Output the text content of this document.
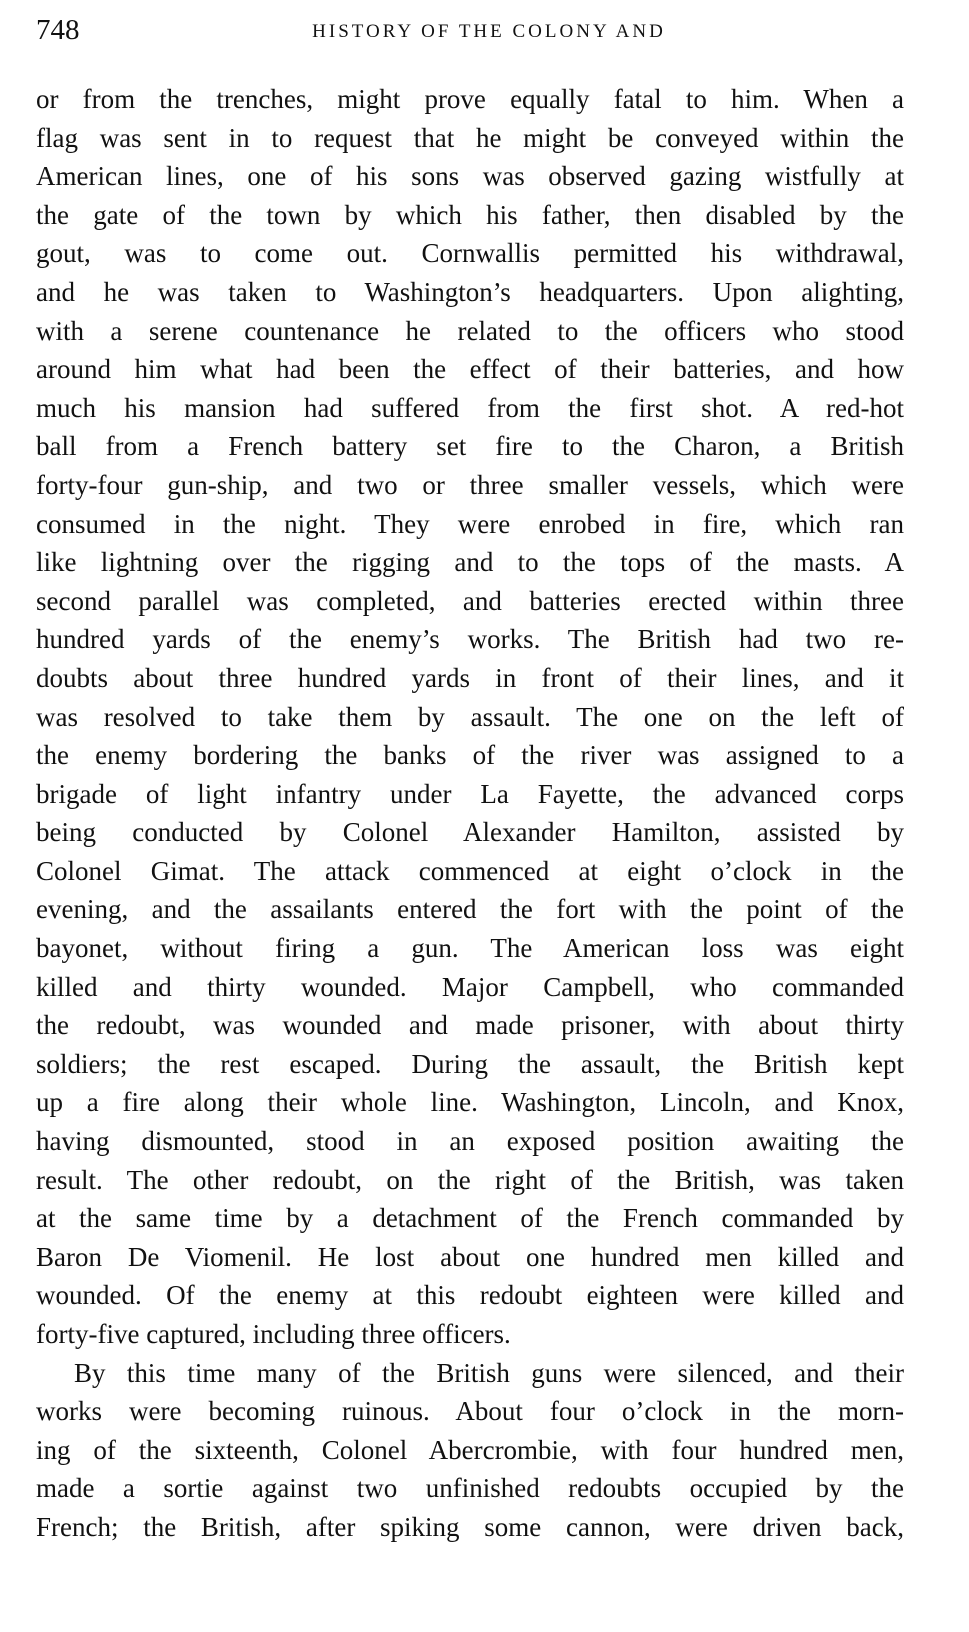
748	HISTORY OF THE COLONY AND
or from the trenches, might prove equally fatal to him. When a
flag was sent in to request that he might be conveyed within the
American lines, one of his sons was observed gazing wistfully at
the gate of the town by which his father, then disabled by the
gout, was to come out. Cornwallis permitted his withdrawal,
and he was taken to Washington’s headquarters. Upon alighting,
with a serene countenance he related to the officers who stood
around him what had been the effect of their batteries, and how
much his mansion had suffered from the first shot. A red-hot
ball from a French battery set fire to the Charon, a British
forty-four gun-ship, and two or three smaller vessels, which were
consumed in the night. They were enrobed in fire, which ran
like lightning over the rigging and to the tops of the masts. A
second parallel was completed, and batteries erected within three
hundred yards of the enemy’s works. The British had two re-
doubts about three hundred yards in front of their lines, and it
was resolved to take them by assault. The one on the left of
the enemy bordering the banks of the river was assigned to a
brigade of light infantry under La Fayette, the advanced corps
being conducted by Colonel Alexander Hamilton, assisted by
Colonel Gimat. The attack commenced at eight o’clock in the
evening, and the assailants entered the fort with the point of the
bayonet, without firing a gun. The American loss was eight
killed and thirty wounded. Major Campbell, who commanded
the redoubt, was wounded and made prisoner, with about thirty
soldiers; the rest escaped. During the assault, the British kept
up a fire along their whole line. Washington, Lincoln, and Knox,
having dismounted, stood in an exposed position awaiting the
result. The other redoubt, on the right of the British, was taken
at the same time by a detachment of the French commanded by
Baron De Viomenil. He lost about one hundred men killed and
wounded. Of the enemy at this redoubt eighteen were killed and
forty-five captured, including three officers.
By this time many of the British guns were silenced, and their
works were becoming ruinous. About four o’clock in the morn-
ing of the sixteenth, Colonel Abercrombie, with four hundred men,
made a sortie against two unfinished redoubts occupied by the
French; the British, after spiking some cannon, were driven back,
